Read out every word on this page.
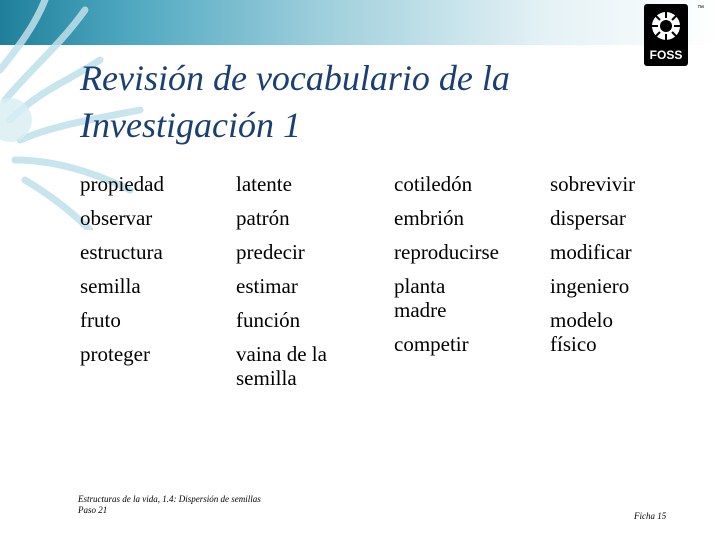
FOSS
™
Revisión de vocabulario de la Investigación 1
propiedad
observar
estructura
semilla
fruto
proteger
latente
patrón
predecir
estimar
función
vaina de la semilla
cotiledón
embrión
reproducirse
planta madre
competir
sobrevivir
dispersar
modificar
ingeniero
modelo físico
Estructuras de la vida, 1.4: Dispersión de semillas
Paso 21
Ficha 15
